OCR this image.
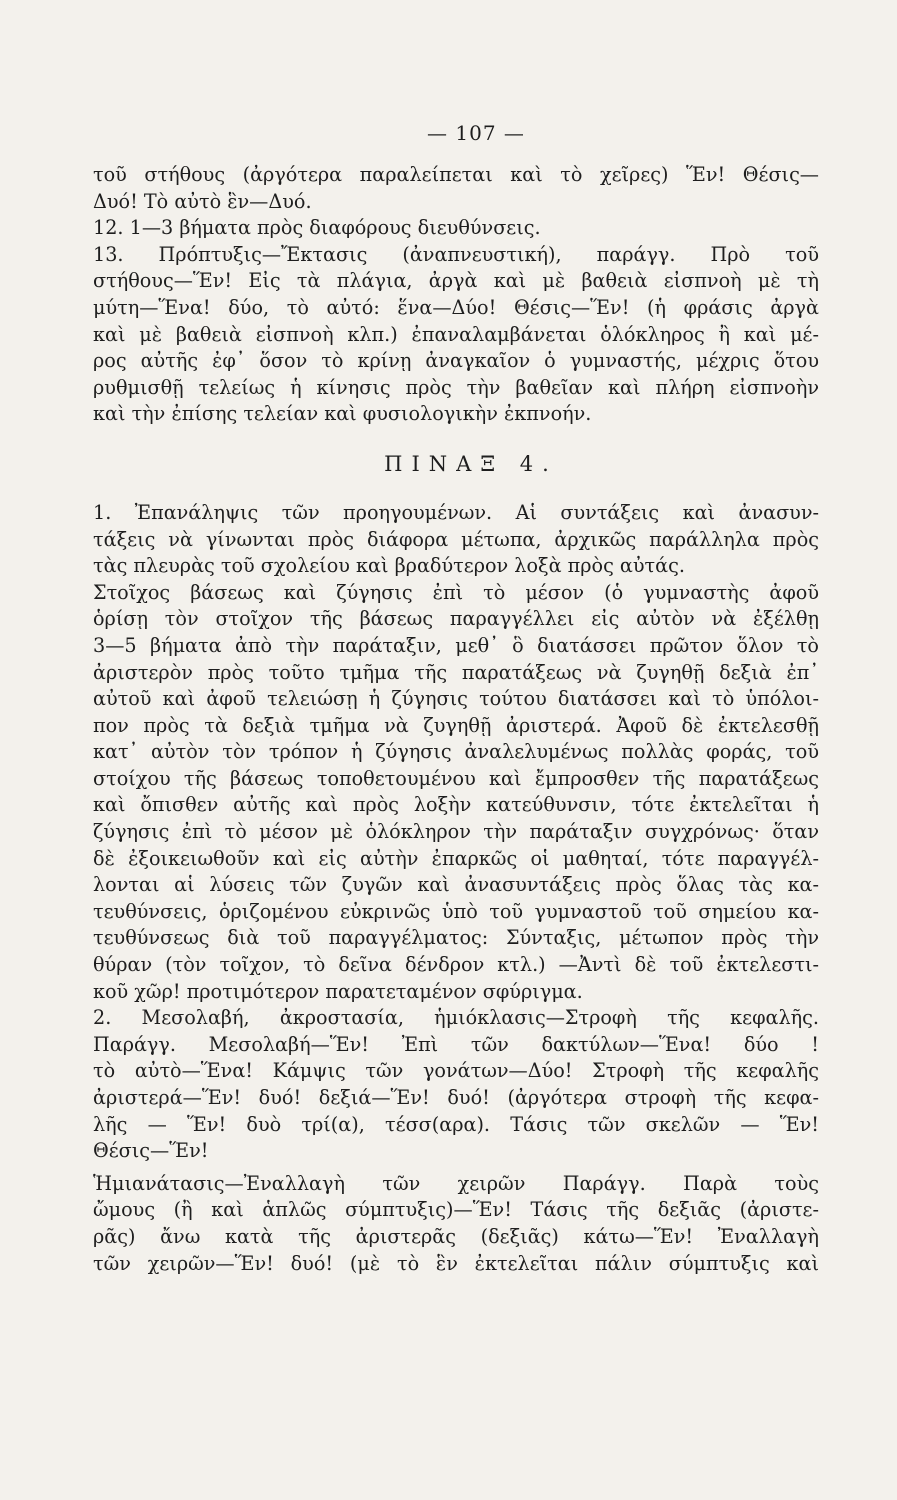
— 107 —
τοῦ στήθους (ἀργότερα παραλείπεται καὶ τὸ χεῖρες) Ἕν! Θέσις—
Δυό! Τὸ αὐτὸ ἓν—Δυό.
12. 1—3 βήματα πρὸς διαφόρους διευθύνσεις.
13. Πρόπτυξις—Ἔκτασις (ἀναπνευστική), παράγγ. Πρὸ τοῦ
στήθους—Ἕν! Εἰς τὰ πλάγια, ἀργὰ καὶ μὲ βαθειὰ εἰσπνοὴ μὲ τὴ
μύτη—Ἕνα! δύο, τὸ αὐτό: ἕνα—Δύο! Θέσις—Ἕν! (ἡ φράσις ἀργὰ
καὶ μὲ βαθειὰ εἰσπνοὴ κλπ.) ἐπαναλαμβάνεται ὁλόκληρος ἢ καὶ μέ-
ρος αὐτῆς ἐφ᾽ ὅσον τὸ κρίνῃ ἀναγκαῖον ὁ γυμναστής, μέχρις ὅτου
ρυθμισθῇ τελείως ἡ κίνησις πρὸς τὴν βαθεῖαν καὶ πλήρη εἰσπνοὴν
καὶ τὴν ἐπίσης τελείαν καὶ φυσιολογικὴν ἐκπνοήν.
ΠΙΝΑΞ 4.
1. Ἐπανάληψις τῶν προηγουμένων. Αἱ συντάξεις καὶ ἀνασυν-
τάξεις νὰ γίνωνται πρὸς διάφορα μέτωπα, ἀρχικῶς παράλληλα πρὸς
τὰς πλευρὰς τοῦ σχολείου καὶ βραδύτερον λοξὰ πρὸς αὐτάς.
Στοῖχος βάσεως καὶ ζύγησις ἐπὶ τὸ μέσον (ὁ γυμναστὴς ἀφοῦ
ὁρίσῃ τὸν στοῖχον τῆς βάσεως παραγγέλλει εἰς αὐτὸν νὰ ἐξέλθῃ
3—5 βήματα ἀπὸ τὴν παράταξιν, μεθ᾽ ὃ διατάσσει πρῶτον ὅλον τὸ
ἀριστερὸν πρὸς τοῦτο τμῆμα τῆς παρατάξεως νὰ ζυγηθῇ δεξιὰ ἐπ᾽
αὐτοῦ καὶ ἀφοῦ τελειώσῃ ἡ ζύγησις τούτου διατάσσει καὶ τὸ ὑπόλοι-
πον πρὸς τὰ δεξιὰ τμῆμα νὰ ζυγηθῇ ἀριστερά. Ἀφοῦ δὲ ἐκτελεσθῇ
κατ᾽ αὐτὸν τὸν τρόπον ἡ ζύγησις ἀναλελυμένως πολλὰς φοράς, τοῦ
στοίχου τῆς βάσεως τοποθετουμένου καὶ ἔμπροσθεν τῆς παρατάξεως
καὶ ὄπισθεν αὐτῆς καὶ πρὸς λοξὴν κατεύθυνσιν, τότε ἐκτελεῖται ἡ
ζύγησις ἐπὶ τὸ μέσον μὲ ὁλόκληρον τὴν παράταξιν συγχρόνως· ὅταν
δὲ ἐξοικειωθοῦν καὶ εἰς αὐτὴν ἐπαρκῶς οἱ μαθηταί, τότε παραγγέλ-
λονται αἱ λύσεις τῶν ζυγῶν καὶ ἀνασυντάξεις πρὸς ὅλας τὰς κα-
τευθύνσεις, ὁριζομένου εὐκρινῶς ὑπὸ τοῦ γυμναστοῦ τοῦ σημείου κα-
τευθύνσεως διὰ τοῦ παραγγέλματος: Σύνταξις, μέτωπον πρὸς τὴν
θύραν (τὸν τοῖχον, τὸ δεῖνα δένδρον κτλ.) —Ἀντὶ δὲ τοῦ ἐκτελεστι-
κοῦ χῶρ! προτιμότερον παρατεταμένον σφύριγμα.
2. Μεσολαβή, ἀκροστασία, ἡμιόκλασις—Στροφὴ τῆς κεφαλῆς.
Παράγγ. Μεσολαβή—Ἕν! Ἐπὶ τῶν δακτύλων—Ἕνα! δύο !
τὸ αὐτὸ—Ἕνα! Κάμψις τῶν γονάτων—Δύο! Στροφὴ τῆς κεφαλῆς
ἀριστερά—Ἕν! δυό! δεξιά—Ἕν! δυό! (ἀργότερα στροφὴ τῆς κεφα-
λῆς — Ἕν! δυὸ τρί(α), τέσσ(αρα). Τάσις τῶν σκελῶν — Ἕν!
Θέσις—Ἕν!
Ἡμιανάτασις—Ἐναλλαγὴ τῶν χειρῶν Παράγγ. Παρὰ τοὺς
ὤμους (ἢ καὶ ἁπλῶς σύμπτυξις)—Ἕν! Τάσις τῆς δεξιᾶς (ἀριστε-
ρᾶς) ἄνω κατὰ τῆς ἀριστερᾶς (δεξιᾶς) κάτω—Ἕν! Ἐναλλαγὴ
τῶν χειρῶν—Ἕν! δυό! (μὲ τὸ ἓν ἐκτελεῖται πάλιν σύμπτυξις καὶ
